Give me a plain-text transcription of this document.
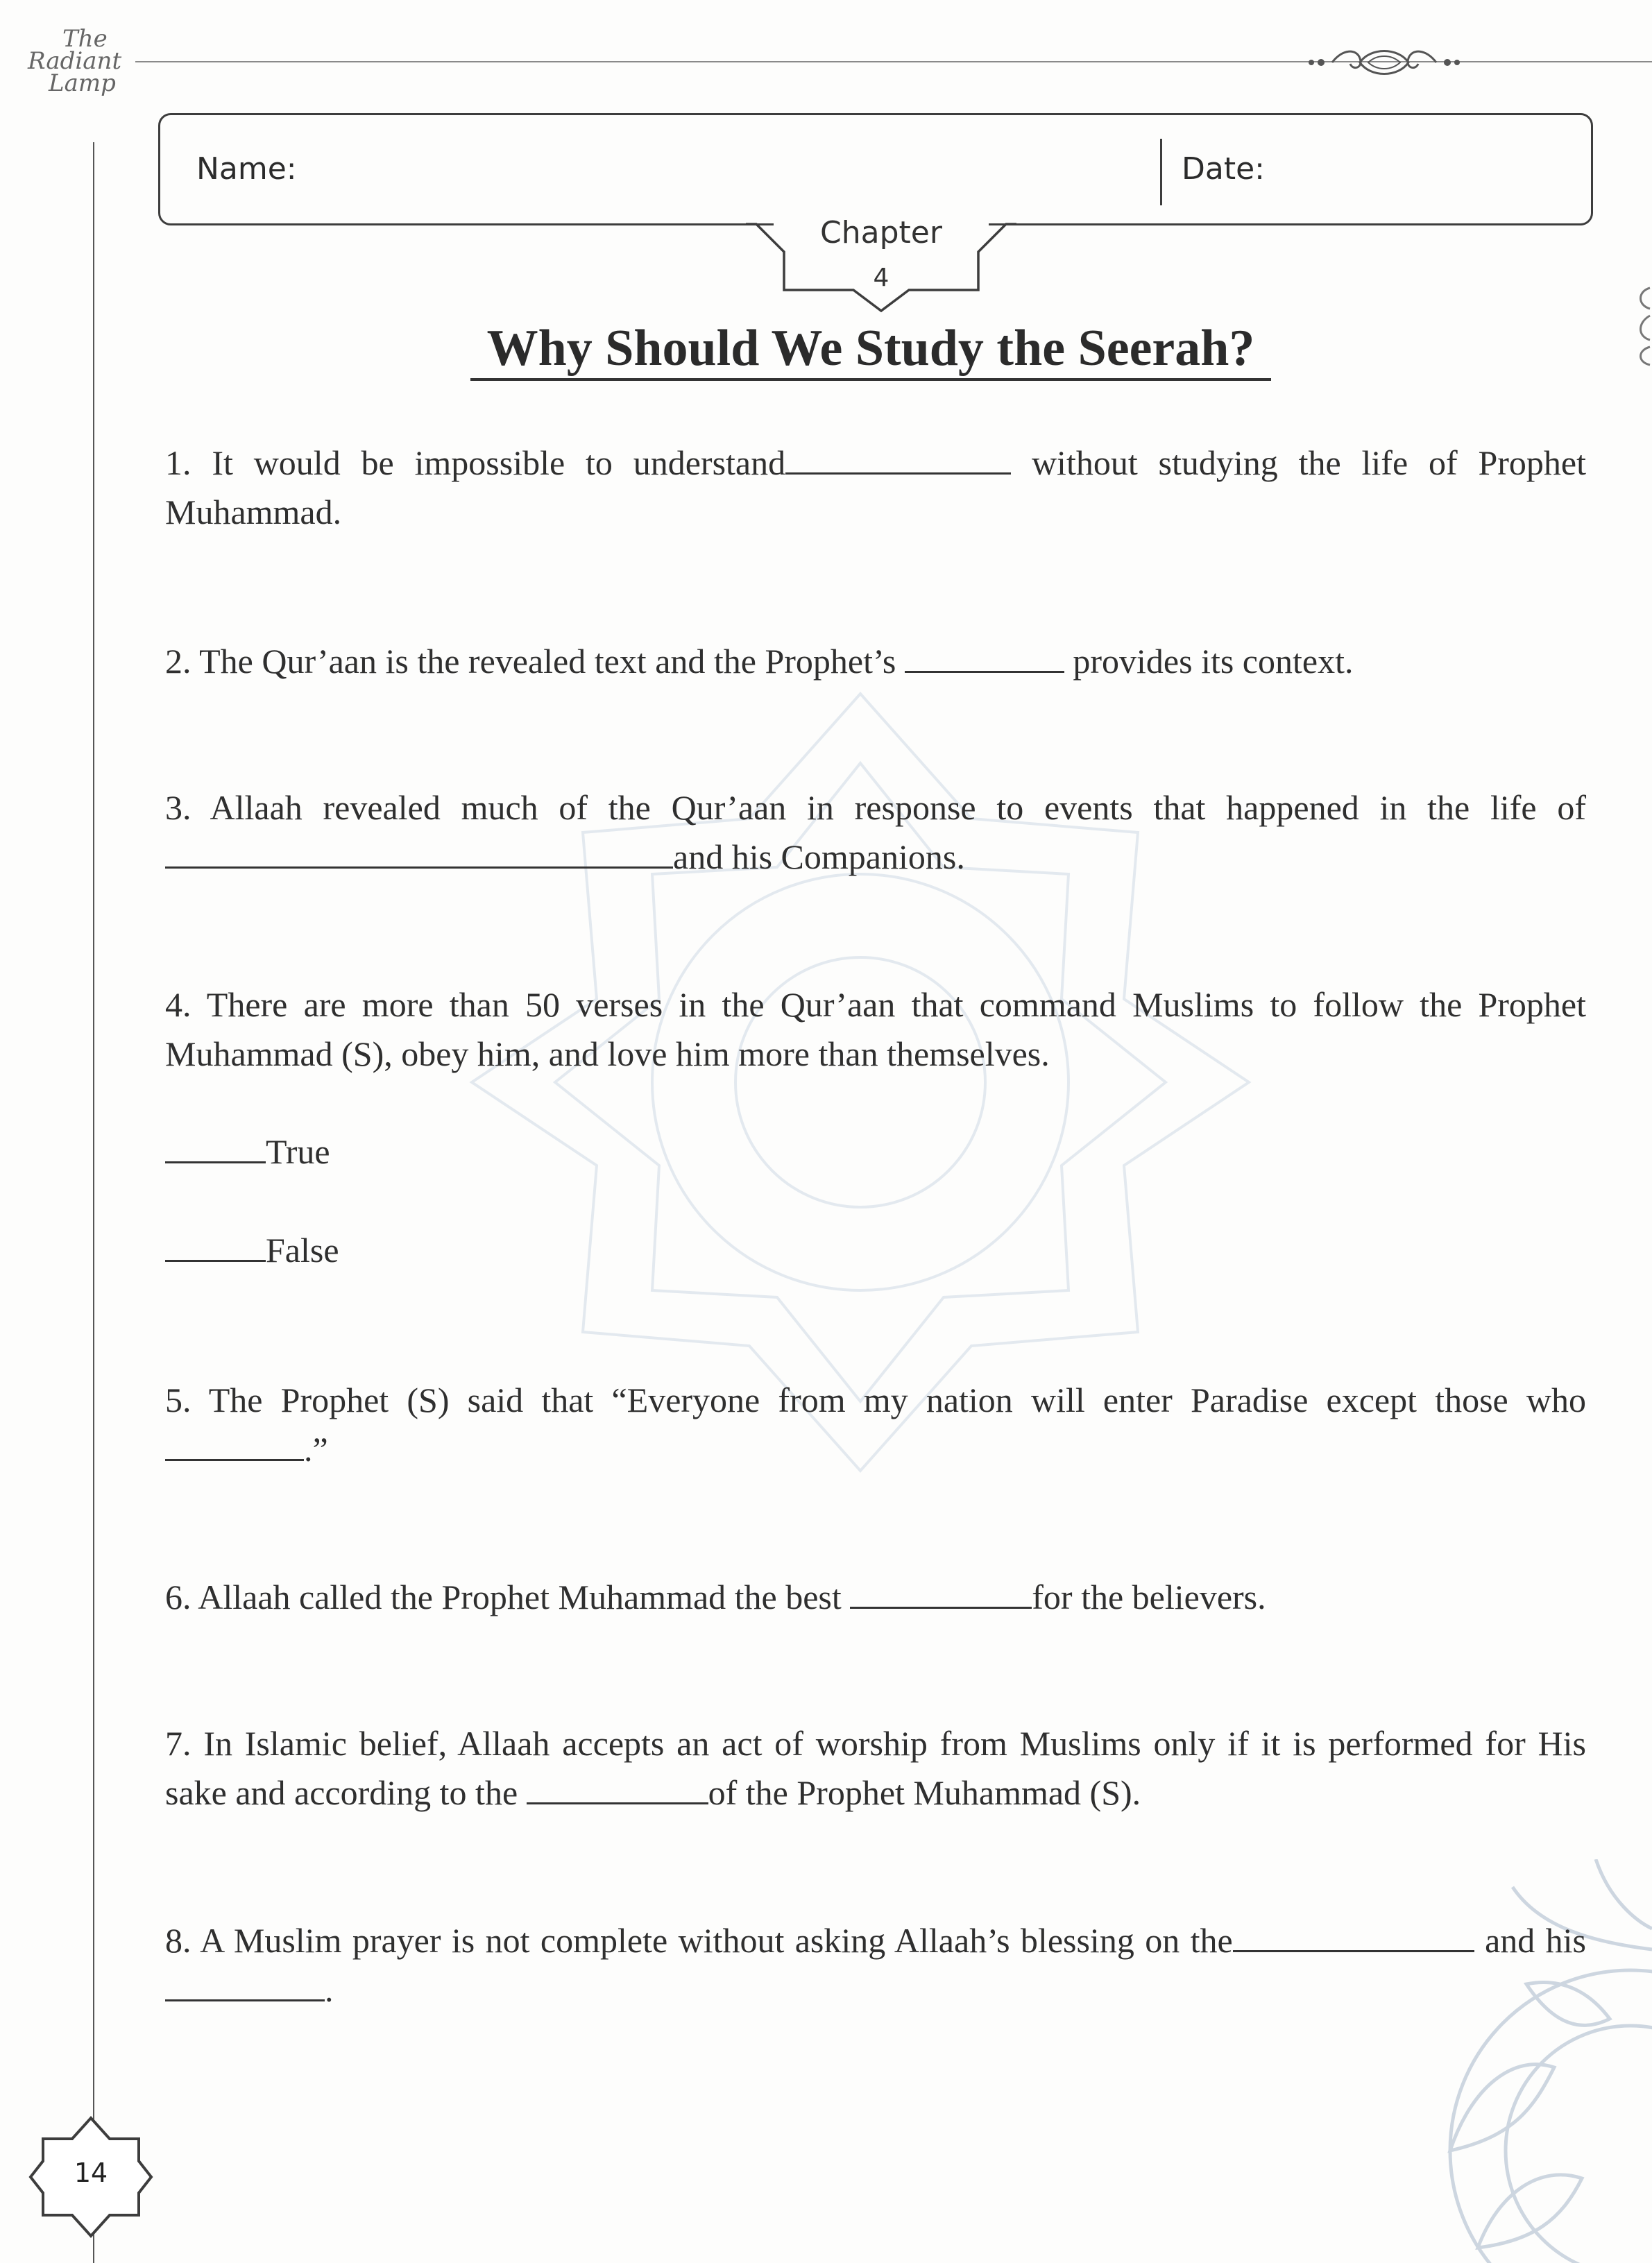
The
Radiant
Lamp
Name:	Date:
Chapter
4
Why Should We Study the Seerah?
1. It would be impossible to understand	without studying the life of Prophet Muhammad.
2. The Qur’aan is the revealed text and the Prophet’s	provides its context.
3. Allaah revealed much of the Qur’aan in response to events that happened in the life of and his Companions.
4. There are more than 50 verses in the Qur’aan that command Muslims to follow the Prophet Muhammad (S), obey him, and love him more than themselves.
True
False
5. The Prophet (S) said that “Everyone from my nation will enter Paradise except those who .”
6. Allaah called the Prophet Muhammad the best	for the believers.
7. In Islamic belief, Allaah accepts an act of worship from Muslims only if it is performed for His sake and according to the	of the Prophet Muhammad (S).
8. A Muslim prayer is not complete without asking Allaah’s blessing on the	and his .
14
